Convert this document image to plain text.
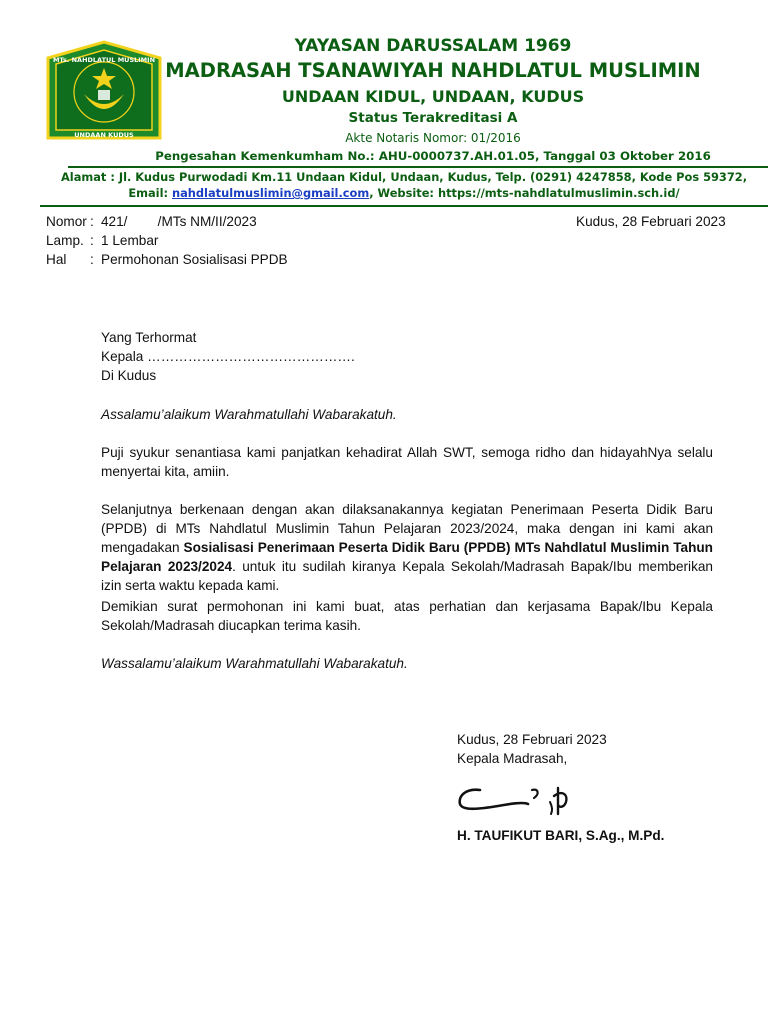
MTs. NAHDLATUL MUSLIMIN
UNDAAN KUDUS
YAYASAN DARUSSALAM 1969
MADRASAH TSANAWIYAH NAHDLATUL MUSLIMIN
UNDAAN KIDUL, UNDAAN, KUDUS
Status Terakreditasi A
Akte Notaris Nomor: 01/2016
Pengesahan Kemenkumham No.: AHU-0000737.AH.01.05, Tanggal 03 Oktober 2016
Alamat : Jl. Kudus Purwodadi Km.11 Undaan Kidul, Undaan, Kudus, Telp. (0291) 4247858, Kode Pos 59372,
Email: nahdlatulmuslimin@gmail.com, Website: https://mts-nahdlatulmuslimin.sch.id/
Nomor : 421/        /MTs NM/II/2023	Kudus, 28 Februari 2023
Lamp. : 1 Lembar
Hal : Permohonan Sosialisasi PPDB
Yang Terhormat
Kepala ……………………………………….
Di Kudus
Assalamu’alaikum Warahmatullahi Wabarakatuh.
Puji syukur senantiasa kami panjatkan kehadirat Allah SWT, semoga ridho dan hidayahNya selalu menyertai kita, amiin.
Selanjutnya berkenaan dengan akan dilaksanakannya kegiatan Penerimaan Peserta Didik Baru (PPDB) di MTs Nahdlatul Muslimin Tahun Pelajaran 2023/2024, maka dengan ini kami akan mengadakan Sosialisasi Penerimaan Peserta Didik Baru (PPDB) MTs Nahdlatul Muslimin Tahun Pelajaran 2023/2024. untuk itu sudilah kiranya Kepala Sekolah/Madrasah Bapak/Ibu memberikan izin serta waktu kepada kami.
Demikian surat permohonan ini kami buat, atas perhatian dan kerjasama Bapak/Ibu Kepala Sekolah/Madrasah diucapkan terima kasih.
Wassalamu’alaikum Warahmatullahi Wabarakatuh.
Kudus, 28 Februari 2023
Kepala Madrasah,
H. TAUFIKUT BARI, S.Ag., M.Pd.
